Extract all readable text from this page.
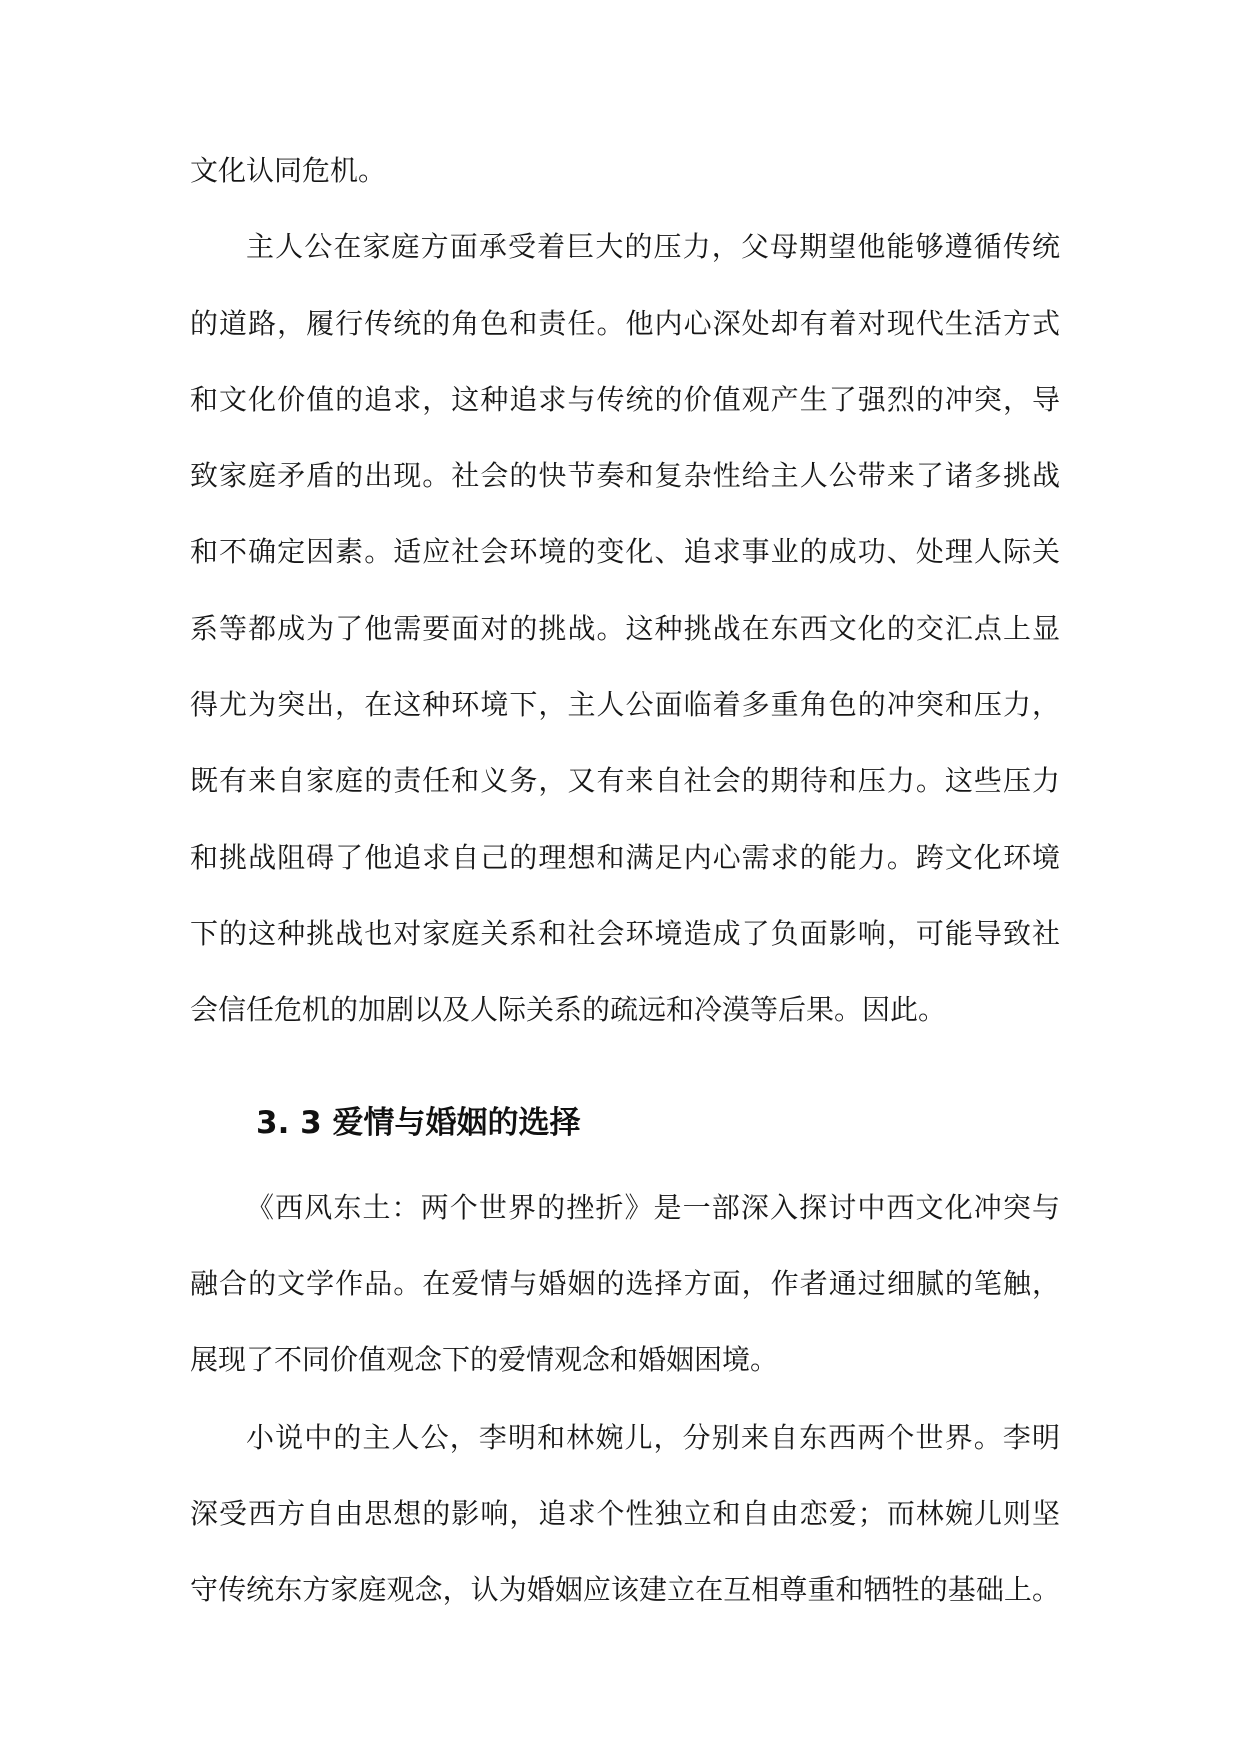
文化认同危机。
主人公在家庭方面承受着巨大的压力，父母期望他能够遵循传统
的道路，履行传统的角色和责任。他内心深处却有着对现代生活方式
和文化价值的追求，这种追求与传统的价值观产生了强烈的冲突，导
致家庭矛盾的出现。社会的快节奏和复杂性给主人公带来了诸多挑战
和不确定因素。适应社会环境的变化、追求事业的成功、处理人际关
系等都成为了他需要面对的挑战。这种挑战在东西文化的交汇点上显
得尤为突出，在这种环境下，主人公面临着多重角色的冲突和压力，
既有来自家庭的责任和义务，又有来自社会的期待和压力。这些压力
和挑战阻碍了他追求自己的理想和满足内心需求的能力。跨文化环境
下的这种挑战也对家庭关系和社会环境造成了负面影响，可能导致社
会信任危机的加剧以及人际关系的疏远和冷漠等后果。因此。
3. 3 爱情与婚姻的选择
《西风东土：两个世界的挫折》是一部深入探讨中西文化冲突与
融合的文学作品。在爱情与婚姻的选择方面，作者通过细腻的笔触，
展现了不同价值观念下的爱情观念和婚姻困境。
小说中的主人公，李明和林婉儿，分别来自东西两个世界。李明
深受西方自由思想的影响，追求个性独立和自由恋爱；而林婉儿则坚
守传统东方家庭观念，认为婚姻应该建立在互相尊重和牺牲的基础上。
